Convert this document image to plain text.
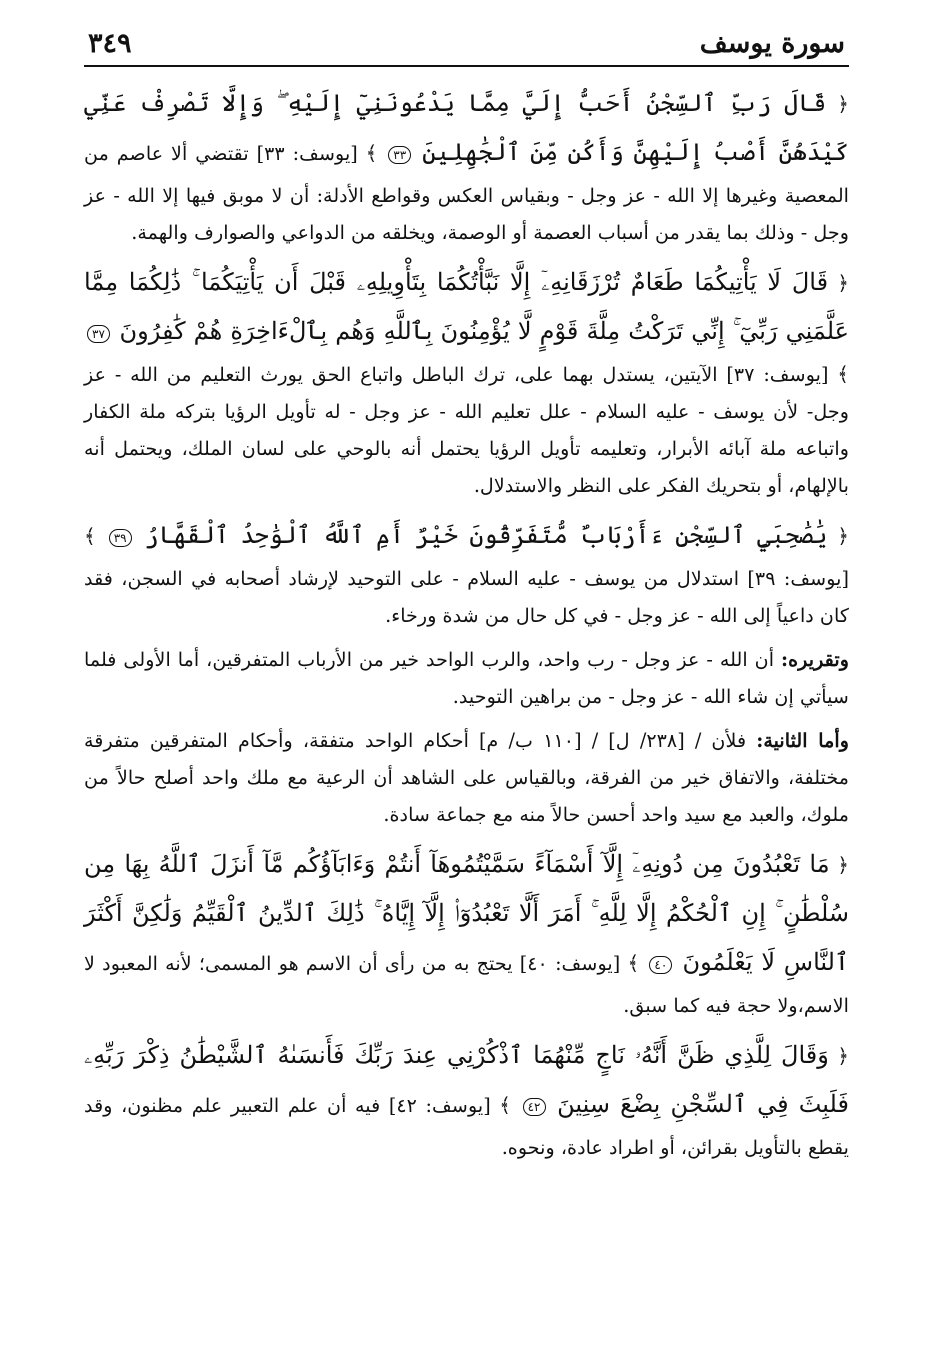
سورة يوسف
٣٤٩

﴿ قَالَ رَبِّ ٱلسِّجْنُ أَحَبُّ إِلَيَّ مِمَّا يَدْعُونَنِيٓ إِلَيْهِ ۖ وَإِلَّا تَصْرِفْ عَنِّي كَيْدَهُنَّ أَصْبُ إِلَيْهِنَّ وَأَكُن مِّنَ ٱلْجَٰهِلِينَ ٣٣ ﴾ [يوسف: ٣٣] تقتضي ألا عاصم من المعصية وغيرها إلا الله - عز وجل - وبقياس العكس وقواطع الأدلة: أن لا موبق فيها إلا الله - عز وجل - وذلك بما يقدر من أسباب العصمة أو الوصمة، ويخلقه من الدواعي والصوارف والهمة.

﴿ قَالَ لَا يَأْتِيكُمَا طَعَامٌ تُرْزَقَانِهِۦٓ إِلَّا نَبَّأْتُكُمَا بِتَأْوِيلِهِۦ قَبْلَ أَن يَأْتِيَكُمَا ۚ ذَٰلِكُمَا مِمَّا عَلَّمَنِي رَبِّيٓ ۚ إِنِّي تَرَكْتُ مِلَّةَ قَوْمٍ لَّا يُؤْمِنُونَ بِٱللَّهِ وَهُم بِٱلْءَاخِرَةِ هُمْ كَٰفِرُونَ ٣٧ ﴾ [يوسف: ٣٧] الآيتين، يستدل بهما على، ترك الباطل واتباع الحق يورث التعليم من الله - عز وجل- لأن يوسف - عليه السلام - علل تعليم الله - عز وجل - له تأويل الرؤيا بتركه ملة الكفار واتباعه ملة آبائه الأبرار، وتعليمه تأويل الرؤيا يحتمل أنه بالوحي على لسان الملك، ويحتمل أنه بالإلهام، أو بتحريك الفكر على النظر والاستدلال.

﴿ يَٰصَٰحِبَيِ ٱلسِّجْنِ ءَأَرْبَابٌ مُّتَفَرِّقُونَ خَيْرٌ أَمِ ٱللَّهُ ٱلْوَٰحِدُ ٱلْقَهَّارُ ٣٩ ﴾ [يوسف: ٣٩] استدلال من يوسف - عليه السلام - على التوحيد لإرشاد أصحابه في السجن، فقد كان داعياً إلى الله - عز وجل - في كل حال من شدة ورخاء.

وتقريره: أن الله - عز وجل - رب واحد، والرب الواحد خير من الأرباب المتفرقين، أما الأولى فلما سيأتي إن شاء الله - عز وجل - من براهين التوحيد.

وأما الثانية: فلأن / [٢٣٨/ ل] / [١١٠ ب/ م] أحكام الواحد متفقة، وأحكام المتفرقين متفرقة مختلفة، والاتفاق خير من الفرقة، وبالقياس على الشاهد أن الرعية مع ملك واحد أصلح حالاً من ملوك، والعبد مع سيد واحد أحسن حالاً منه مع جماعة سادة.

﴿ مَا تَعْبُدُونَ مِن دُونِهِۦٓ إِلَّآ أَسْمَآءً سَمَّيْتُمُوهَآ أَنتُمْ وَءَابَآؤُكُم مَّآ أَنزَلَ ٱللَّهُ بِهَا مِن سُلْطَٰنٍ ۚ إِنِ ٱلْحُكْمُ إِلَّا لِلَّهِ ۚ أَمَرَ أَلَّا تَعْبُدُوٓا۟ إِلَّآ إِيَّاهُ ۚ ذَٰلِكَ ٱلدِّينُ ٱلْقَيِّمُ وَلَٰكِنَّ أَكْثَرَ ٱلنَّاسِ لَا يَعْلَمُونَ ٤٠ ﴾ [يوسف: ٤٠] يحتج به من رأى أن الاسم هو المسمى؛ لأنه المعبود لا الاسم،ولا حجة فيه كما سبق.

﴿ وَقَالَ لِلَّذِي ظَنَّ أَنَّهُۥ نَاجٍ مِّنْهُمَا ٱذْكُرْنِي عِندَ رَبِّكَ فَأَنسَىٰهُ ٱلشَّيْطَٰنُ ذِكْرَ رَبِّهِۦ فَلَبِثَ فِي ٱلسِّجْنِ بِضْعَ سِنِينَ ٤٢ ﴾ [يوسف: ٤٢] فيه أن علم التعبير علم مظنون، وقد يقطع بالتأويل بقرائن، أو اطراد عادة، ونحوه.
